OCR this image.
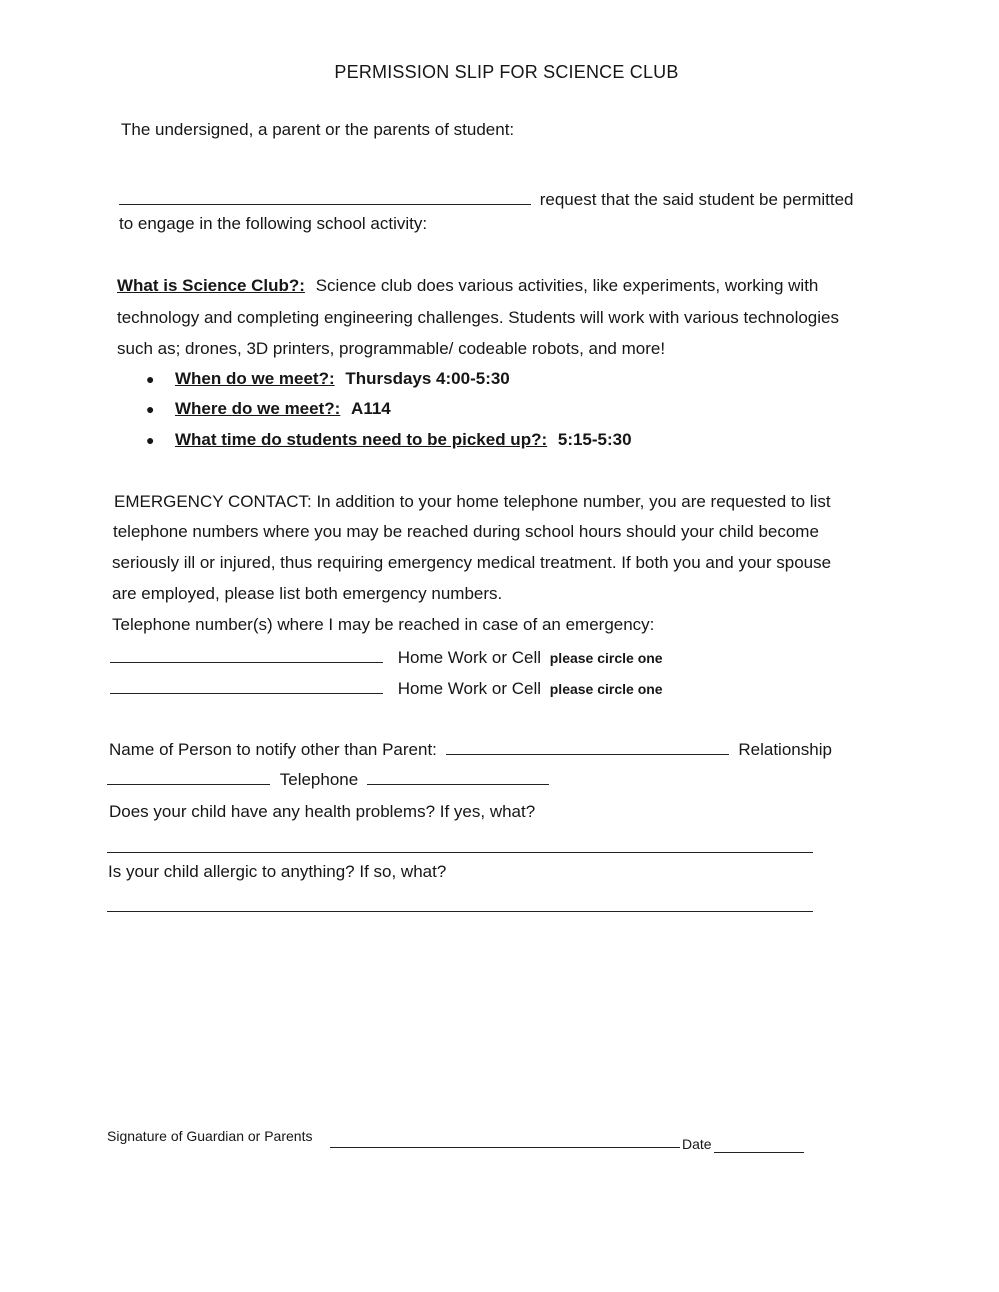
PERMISSION SLIP FOR SCIENCE CLUB
The undersigned, a parent or the parents of student:
request that the said student be permitted
to engage in the following school activity:
What is Science Club?: Science club does various activities, like experiments, working with
technology and completing engineering challenges. Students will work with various technologies
such as; drones, 3D printers, programmable/ codeable robots, and more!
● When do we meet?: Thursdays 4:00-5:30
● Where do we meet?: A114
● What time do students need to be picked up?: 5:15-5:30
EMERGENCY CONTACT: In addition to your home telephone number, you are requested to list
telephone numbers where you may be reached during school hours should your child become
seriously ill or injured, thus requiring emergency medical treatment. If both you and your spouse
are employed, please list both emergency numbers.
Telephone number(s) where I may be reached in case of an emergency:
Home Work or Cell please circle one
Home Work or Cell please circle one
Name of Person to notify other than Parent:	Relationship
Telephone
Does your child have any health problems? If yes, what?
Is your child allergic to anything? If so, what?
Signature of Guardian or Parents	Date
